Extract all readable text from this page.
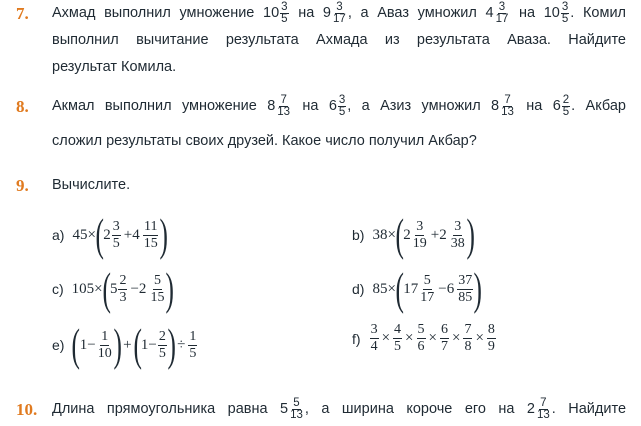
7. Ахмад выполнил умножение $10 \frac{3}{5}$ на $9 \frac{3}{17}$ , а Аваз умножил $4 \frac{3}{17}$ на $10 \frac{3}{5}$ . Комил
выполнил вычитание результата Ахмада из результата Аваза. Найдите
результат Комила.
8. Акмал выполнил умножение $8 \frac{7}{13}$ на $6 \frac{3}{5}$ , а Азиз умножил $8 \frac{7}{13}$ на $6 \frac{2}{5}$ . Акбар
сложил результаты своих друзей. Какое число получил Акбар?
9. Вычислите.
a) 45× ( $2 \frac{3}{5} +4 \frac{11}{15}$ )	b) 38× ( $2 \frac{3}{19} +2 \frac{3}{38}$ )
c) 105× ( $5 \frac{2}{3} -2 \frac{5}{15}$ )	d) 85× ( $17 \frac{5}{17} -6 \frac{37}{85}$ )
e) ( $1- \frac{1}{10}$ ) + ( $1- \frac{2}{5}$ ) ÷ $\frac{1}{5}$	$f) \frac{3}{4} \times \frac{4}{5} \times \frac{5}{6} \times \frac{6}{7} \times \frac{7}{8} \times \frac{8}{9}$
10. Длина прямоугольника равна $5 \frac{5}{13}$ , а ширина короче его на $2 \frac{7}{13}$ . Найдите
